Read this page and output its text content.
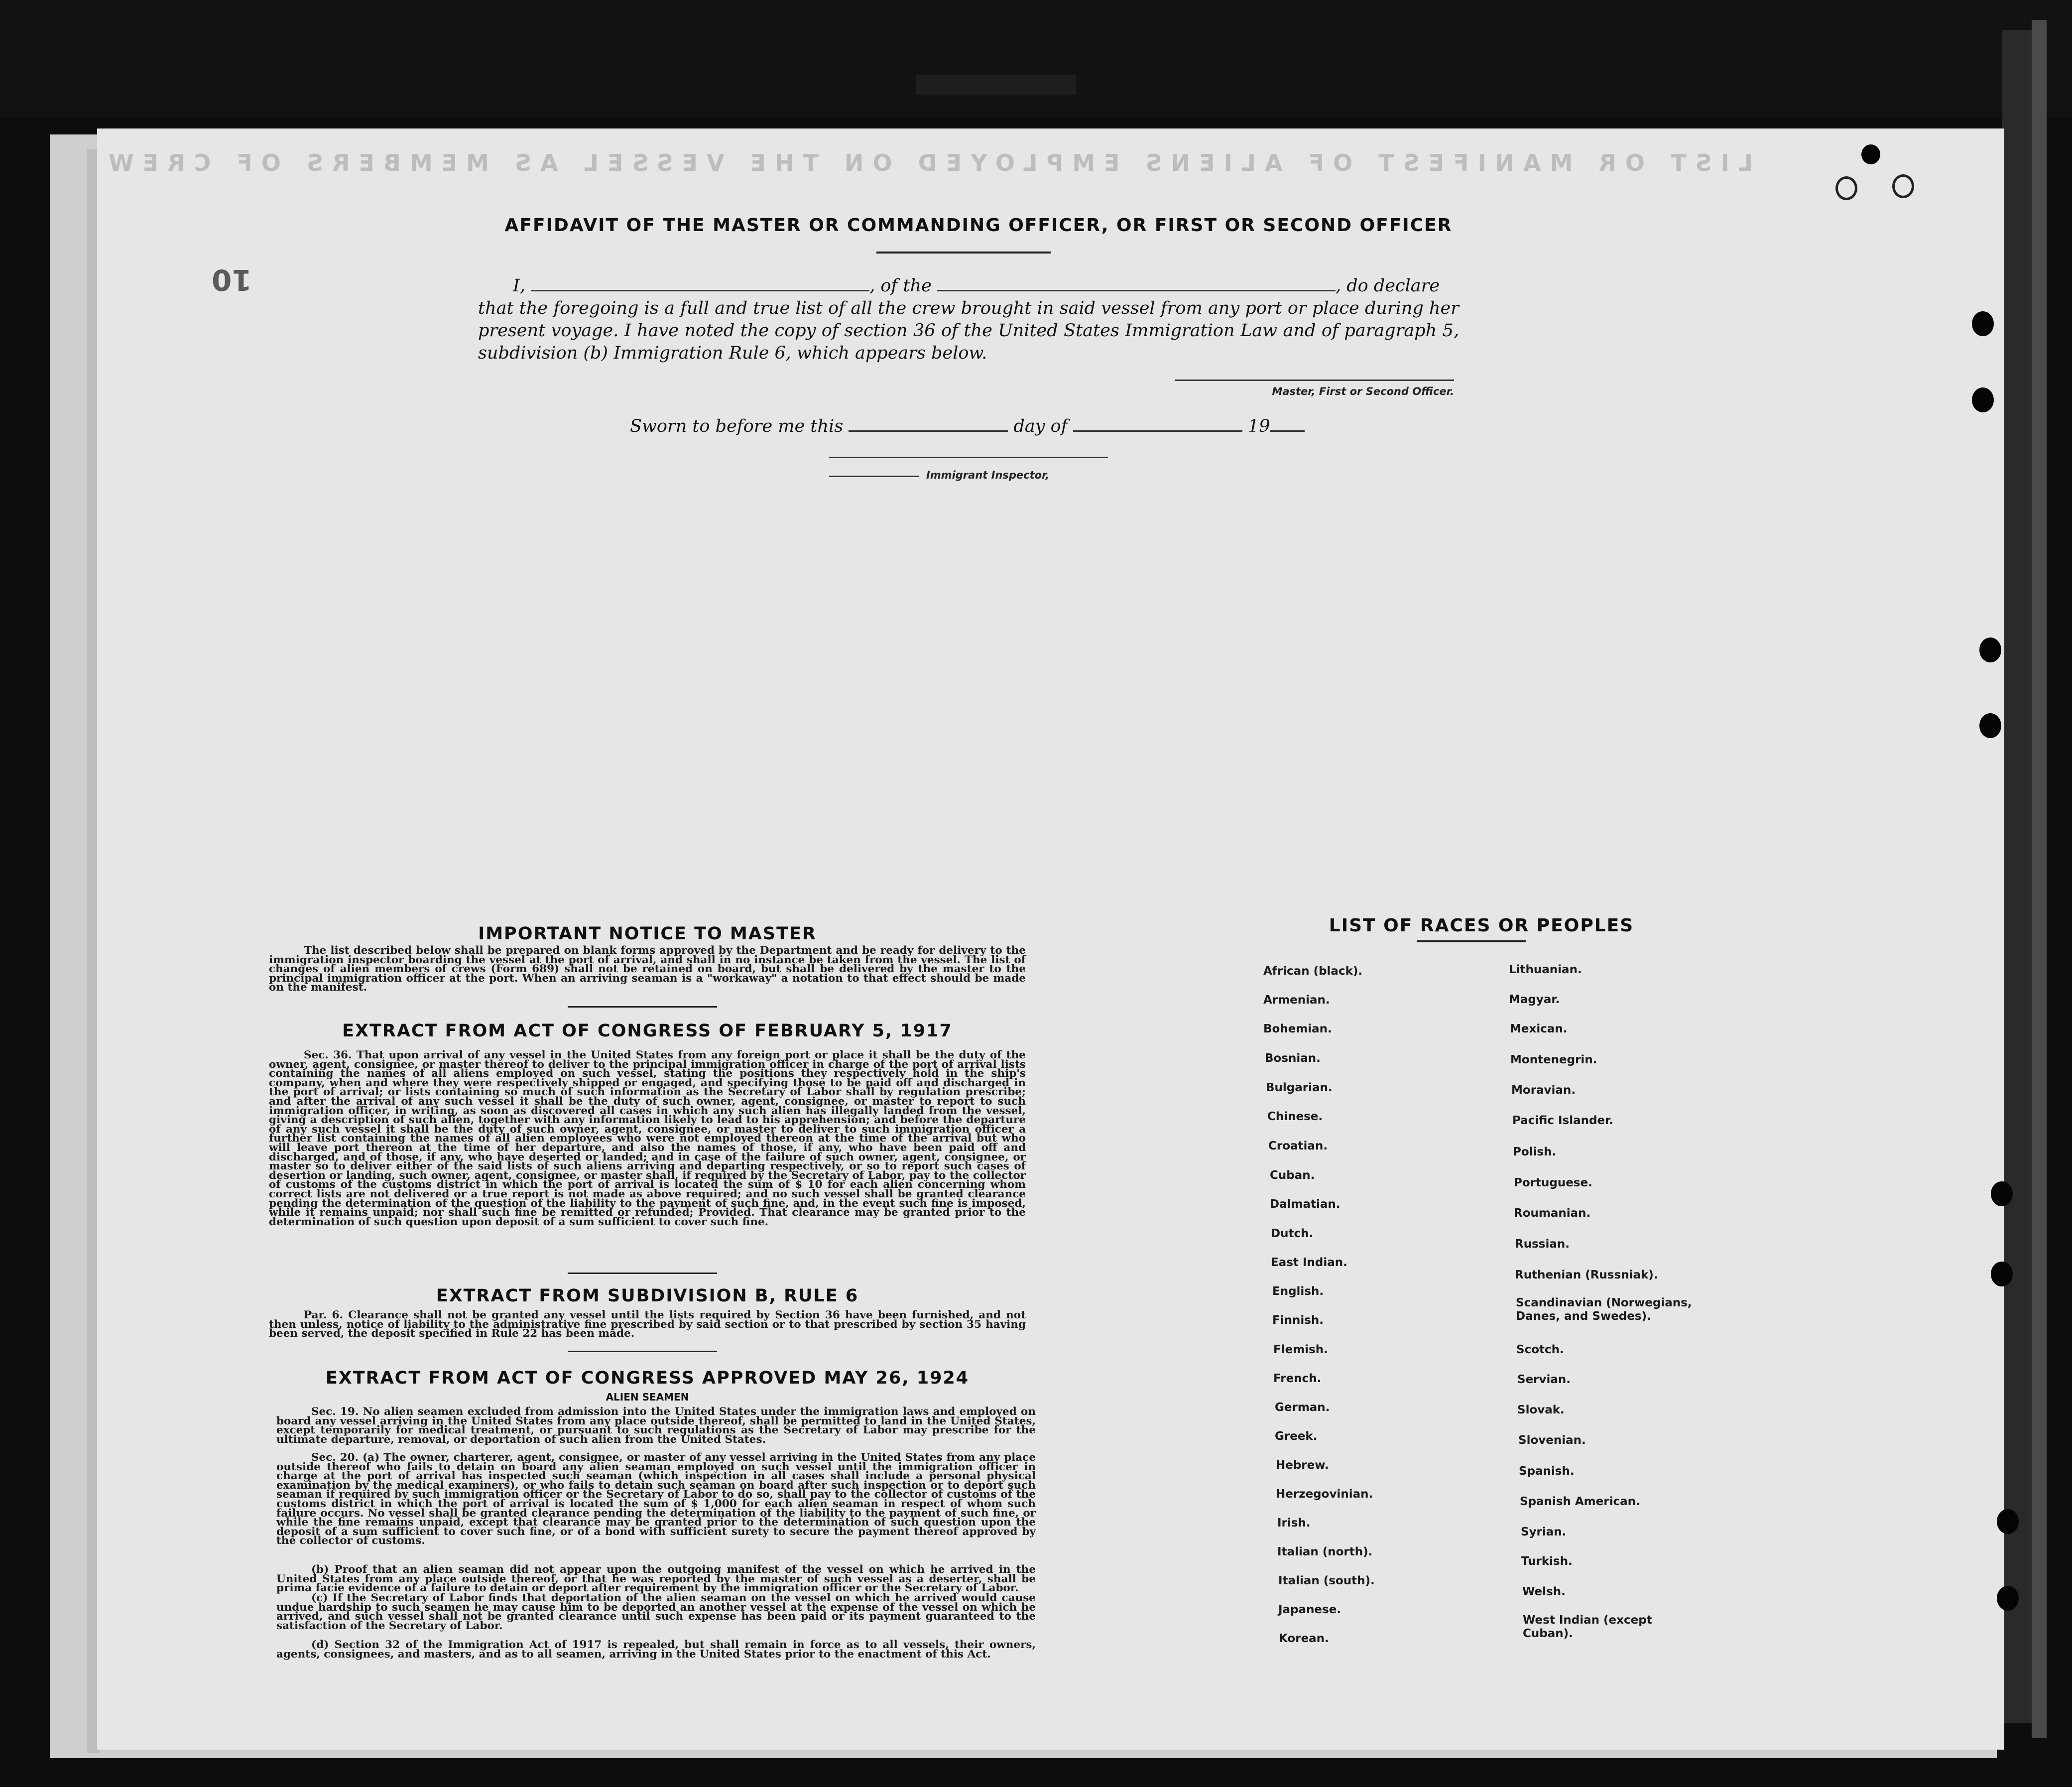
LIST OR MANIFEST OF ALIENS EMPLOYED ON THE VESSEL AS MEMBERS OF CREW
10
AFFIDAVIT OF THE MASTER OR COMMANDING OFFICER, OR FIRST OR SECOND OFFICER
I,	, of the	, do declare
that the foregoing is a full and true list of all the crew brought in said vessel from any port or place during her present voyage. I have noted the copy of section 36 of the United States Immigration Law and of paragraph 5, subdivision (b) Immigration Rule 6, which appears below.
Master, First or Second Officer.
Sworn to before me this	day of	19
Immigrant Inspector,
IMPORTANT NOTICE TO MASTER
The list described below shall be prepared on blank forms approved by the Department and be ready for delivery to the immigration inspector boarding the vessel at the port of arrival, and shall in no instance be taken from the vessel. The list of changes of alien members of crews (Form 689) shall not be retained on board, but shall be delivered by the master to the principal immigration officer at the port. When an arriving seaman is a "workaway" a notation to that effect should be made on the manifest.
EXTRACT FROM ACT OF CONGRESS OF FEBRUARY 5, 1917
Sec. 36. That upon arrival of any vessel in the United States from any foreign port or place it shall be the duty of the owner, agent, consignee, or master thereof to deliver to the principal immigration officer in charge of the port of arrival lists containing the names of all aliens employed on such vessel, stating the positions they respectively hold in the ship's company, when and where they were respectively shipped or engaged, and specifying those to be paid off and discharged in the port of arrival; or lists containing so much of such information as the Secretary of Labor shall by regulation prescribe; and after the arrival of any such vessel it shall be the duty of such owner, agent, consignee, or master to report to such immigration officer, in writing, as soon as discovered all cases in which any such alien has illegally landed from the vessel, giving a description of such alien, together with any information likely to lead to his apprehension; and before the departure of any such vessel it shall be the duty of such owner, agent, consignee, or master to deliver to such immigration officer a further list containing the names of all alien employees who were not employed thereon at the time of the arrival but who will leave port thereon at the time of her departure, and also the names of those, if any, who have been paid off and discharged, and of those, if any, who have deserted or landed; and in case of the failure of such owner, agent, consignee, or master so to deliver either of the said lists of such aliens arriving and departing respectively, or so to report such cases of desertion or landing, such owner, agent, consignee, or master shall, if required by the Secretary of Labor, pay to the collector of customs of the customs district in which the port of arrival is located the sum of $ 10 for each alien concerning whom correct lists are not delivered or a true report is not made as above required; and no such vessel shall be granted clearance pending the determination of the question of the liability to the payment of such fine, and, in the event such fine is imposed, while it remains unpaid; nor shall such fine be remitted or refunded; Provided. That clearance may be granted prior to the determination of such question upon deposit of a sum sufficient to cover such fine.
EXTRACT FROM SUBDIVISION B, RULE 6
Par. 6. Clearance shall not be granted any vessel until the lists required by Section 36 have been furnished, and not then unless, notice of liability to the administrative fine prescribed by said section or to that prescribed by section 35 having been served, the deposit specified in Rule 22 has been made.
EXTRACT FROM ACT OF CONGRESS APPROVED MAY 26, 1924
ALIEN SEAMEN
Sec. 19. No alien seamen excluded from admission into the United States under the immigration laws and employed on board any vessel arriving in the United States from any place outside thereof, shall be permitted to land in the United States, except temporarily for medical treatment, or pursuant to such regulations as the Secretary of Labor may prescribe for the ultimate departure, removal, or deportation of such alien from the United States.
Sec. 20. (a) The owner, charterer, agent, consignee, or master of any vessel arriving in the United States from any place outside thereof who fails to detain on board any alien seaman employed on such vessel until the immigration officer in charge at the port of arrival has inspected such seaman (which inspection in all cases shall include a personal physical examination by the medical examiners), or who fails to detain such seaman on board after such inspection or to deport such seaman if required by such immigration officer or the Secretary of Labor to do so, shall pay to the collector of customs of the customs district in which the port of arrival is located the sum of $ 1,000 for each alien seaman in respect of whom such failure occurs. No vessel shall be granted clearance pending the determination of the liability to the payment of such fine, or while the fine remains unpaid, except that clearance may be granted prior to the determination of such question upon the deposit of a sum sufficient to cover such fine, or of a bond with sufficient surety to secure the payment thereof approved by the collector of customs.
(b) Proof that an alien seaman did not appear upon the outgoing manifest of the vessel on which he arrived in the United States from any place outside thereof, or that he was reported by the master of such vessel as a deserter, shall be prima facie evidence of a failure to detain or deport after requirement by the immigration officer or the Secretary of Labor.
(c) If the Secretary of Labor finds that deportation of the alien seaman on the vessel on which he arrived would cause undue hardship to such seamen he may cause him to be deported an another vessel at the expense of the vessel on which he arrived, and such vessel shall not be granted clearance until such expense has been paid or its payment guaranteed to the satisfaction of the Secretary of Labor.
(d) Section 32 of the Immigration Act of 1917 is repealed, but shall remain in force as to all vessels, their owners, agents, consignees, and masters, and as to all seamen, arriving in the United States prior to the enactment of this Act.
LIST OF RACES OR PEOPLES
African (black).
Armenian.
Bohemian.
Bosnian.
Bulgarian.
Chinese.
Croatian.
Cuban.
Dalmatian.
Dutch.
East Indian.
English.
Finnish.
Flemish.
French.
German.
Greek.
Hebrew.
Herzegovinian.
Irish.
Italian (north).
Italian (south).
Japanese.
Korean.
Lithuanian.
Magyar.
Mexican.
Montenegrin.
Moravian.
Pacific Islander.
Polish.
Portuguese.
Roumanian.
Russian.
Ruthenian (Russniak).
Scandinavian (Norwegians, Danes, and Swedes).
Scotch.
Servian.
Slovak.
Slovenian.
Spanish.
Spanish American.
Syrian.
Turkish.
Welsh.
West Indian (except Cuban).
